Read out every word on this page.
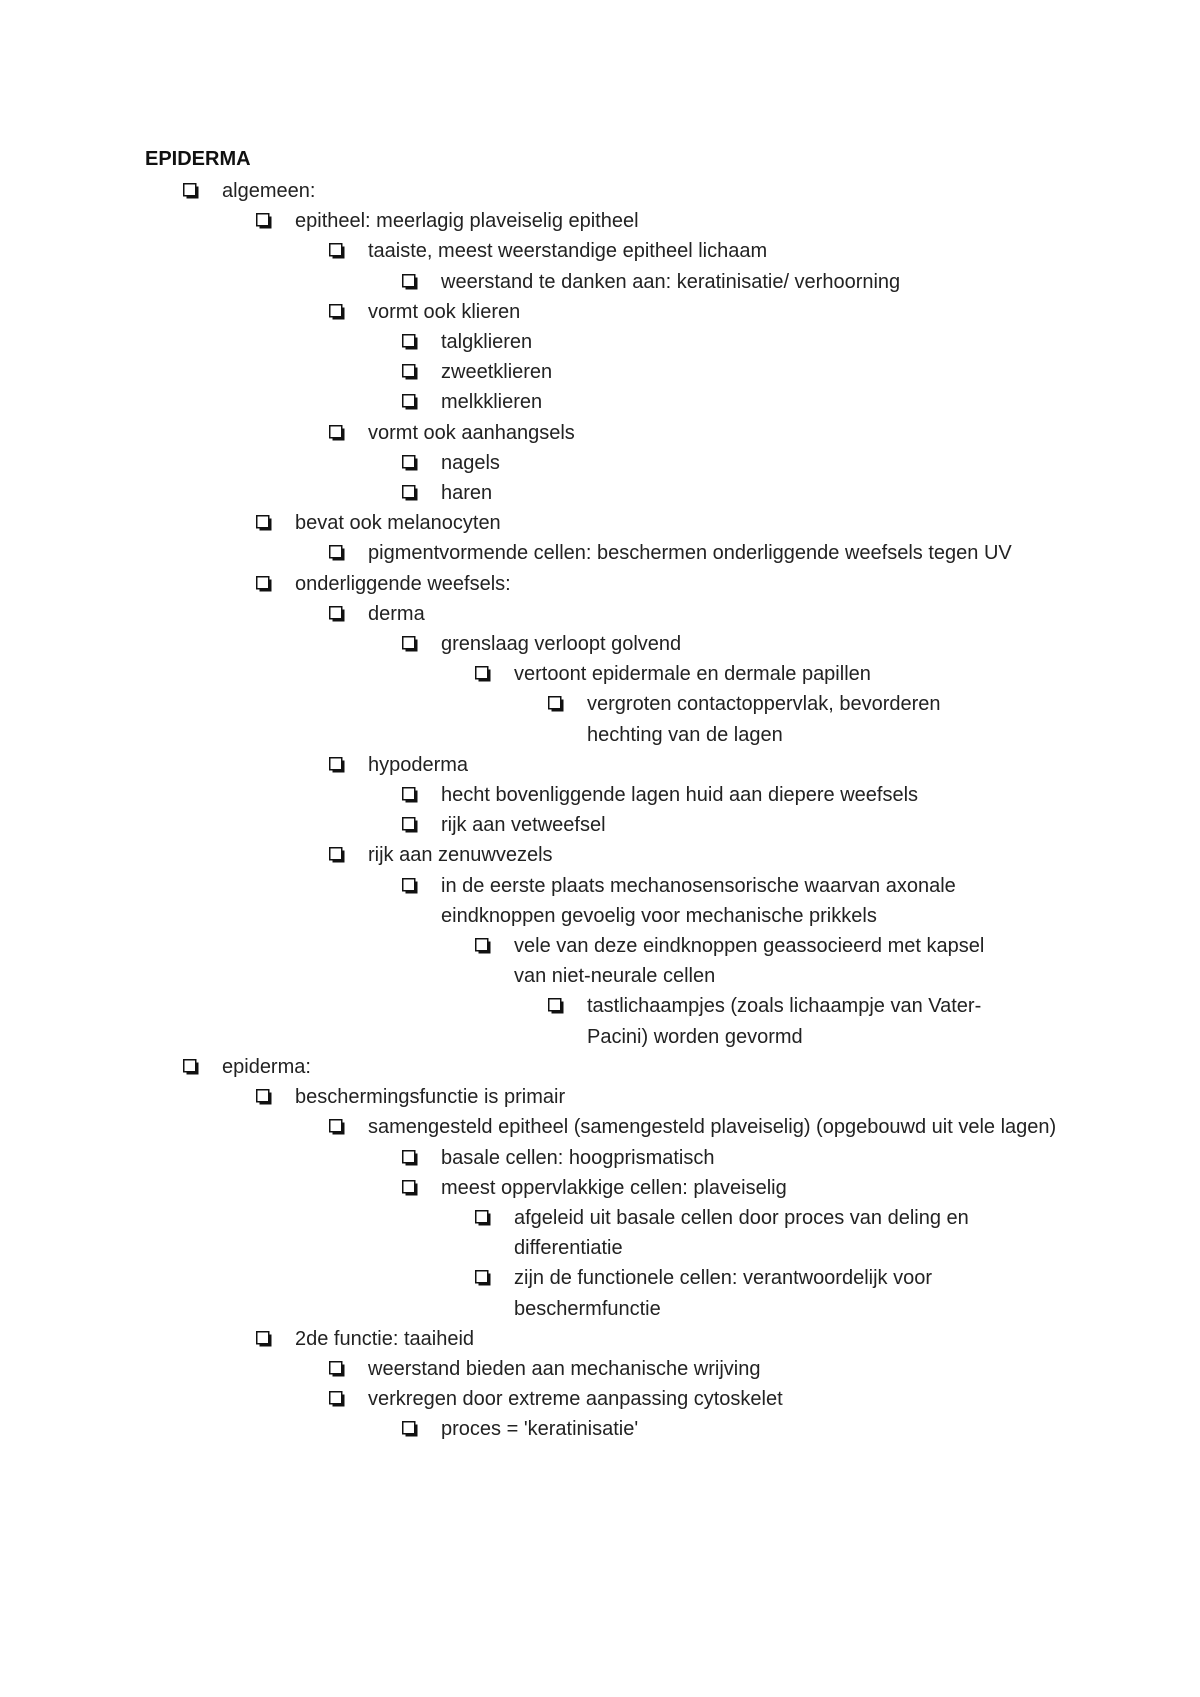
EPIDERMA
algemeen:
epitheel: meerlagig plaveiselig epitheel
taaiste, meest weerstandige epitheel lichaam
weerstand te danken aan: keratinisatie/ verhoorning
vormt ook klieren
talgklieren
zweetklieren
melkklieren
vormt ook aanhangsels
nagels
haren
bevat ook melanocyten
pigmentvormende cellen: beschermen onderliggende weefsels tegen UV
onderliggende weefsels:
derma
grenslaag verloopt golvend
vertoont epidermale en dermale papillen
vergroten contactoppervlak, bevorderen hechting van de lagen
hypoderma
hecht bovenliggende lagen huid aan diepere weefsels
rijk aan vetweefsel
rijk aan zenuwvezels
in de eerste plaats mechanosensorische waarvan axonale eindknoppen gevoelig voor mechanische prikkels
vele van deze eindknoppen geassocieerd met kapsel van niet-neurale cellen
tastlichaampjes (zoals lichaampje van Vater-Pacini) worden gevormd
epiderma:
beschermingsfunctie is primair
samengesteld epitheel (samengesteld plaveiselig) (opgebouwd uit vele lagen)
basale cellen: hoogprismatisch
meest oppervlakkige cellen: plaveiselig
afgeleid uit basale cellen door proces van deling en differentiatie
zijn de functionele cellen: verantwoordelijk voor beschermfunctie
2de functie: taaiheid
weerstand bieden aan mechanische wrijving
verkregen door extreme aanpassing cytoskelet
proces = 'keratinisatie'
